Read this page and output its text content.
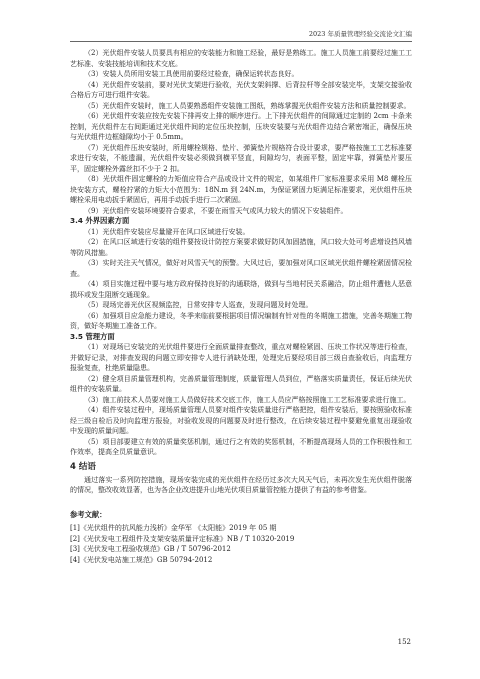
2023 年质量管理经验交流论文汇编

（2）光伏组件安装人员要具有相应的安装能力和施工经验，最好是熟练工。施工人员施工前要经过施工工艺标准、安装技能培训和技术交底。

（3）安装人员所用安装工具使用前要经过检查，确保运转状态良好。

（4）光伏组件安装前，要对光伏支架进行验收，光伏支架斜撑、后背拉杆等全部安装完毕，支架交接验收合格后方可进行组件安装。

（5）光伏组件安装时，施工人员要熟悉组件安装施工图纸，熟练掌握光伏组件安装方法和质量控制要求。

（6）光伏组件安装应按先安装下排再安上排的顺序进行。上下排光伏组件的间隙通过定制的 2cm 卡条来控制，光伏组件左右间距通过光伏组件间的定位压块控制，压块安装要与光伏组件边结合紧密端正，确保压块与光伏组件边框缝隙均小于 0.5mm。

（7）光伏组件压块安装时，所用螺栓规格、垫片、弹簧垫片规格符合设计要求，要严格按施工工艺标准要求进行安装，不能遗漏，光伏组件安装必须做到横平竖直，间隙均匀，表面平整，固定牢靠，弹簧垫片要压平，固定螺栓外露丝扣不少于 2 扣。

（8）光伏组件固定螺栓的力矩值应符合产品或设计文件的规定，如某组件厂家标准要求采用 M8 螺栓压块安装方式，螺栓拧紧的力矩大小范围为：18N.m 到 24N.m，为保证紧固力矩满足标准要求，光伏组件压块螺栓采用电动扳手紧固后，再用手动扳手进行二次紧固。

（9）光伏组件安装环境要符合要求，不要在雨雪天气或风力较大的情况下安装组件。

3.4 外界因素方面

（1）光伏组件安装应尽量避开在风口区域进行安装。

（2）在风口区域进行安装的组件要按设计防控方案要求做好防风加固措施，风口较大处可考虑增设挡风墙等防风措施。

（3）实时关注天气情况，做好对风雪天气的预警。大风过后，要加强对风口区域光伏组件螺栓紧固情况检查。

（4）项目实施过程中要与地方政府保持良好的沟通联络，做到与当地村民关系融洽，防止组件遭他人恶意损坏或发生阻断交通现象。

（5）现场完善光伏区视频监控，日常安排专人巡查，发现问题及时处理。

（6）加强项目应急能力建设，冬季来临前要根据项目情况编制有针对性的冬期施工措施，完善冬期施工物资，做好冬期施工准备工作。

3.5 管理方面

（1）对现场已安装完的光伏组件要进行全面质量排查整改，重点对螺栓紧固、压块工作状况等进行检查，并做好记录，对排查发现的问题立即安排专人进行消缺处理，处理完后要经项目部三级自查验收后，向监理方报验复查，杜绝质量隐患。

（2）健全项目质量管理机构，完善质量管理制度，质量管理人员到位，严格落实质量责任，保证后续光伏组件的安装质量。

（3）施工前技术人员要对施工人员做好技术交底工作，施工人员应严格按照施工工艺标准要求进行施工。

（4）组件安装过程中，现场质量管理人员要对组件安装质量进行严格把控，组件安装后，要按照验收标准经三级自检后及时向监理方报验，对验收发现的问题要及时进行整改，在后续安装过程中要避免重复出现验收中发现的质量问题。

（5）项目部要建立有效的质量奖惩机制，通过行之有效的奖惩机制，不断提高现场人员的工作积极性和工作效率，提高全员质量意识。

4 结语

通过落实一系列防控措施，现场安装完成的光伏组件在经历过多次大风天气后，未再次发生光伏组件脱落的情况，整改收效显著，也为各企业改进提升山地光伏项目质量管控能力提供了有益的参考借鉴。

参考文献：

[1]《光伏组件的抗风能力浅析》金华军 《太阳能》2019 年 05 期

[2]《光伏发电工程组件及支架安装质量评定标准》NB / T 10320-2019

[3]《光伏发电工程验收规范》GB / T 50796-2012

[4]《光伏发电站施工规范》GB 50794-2012

152
